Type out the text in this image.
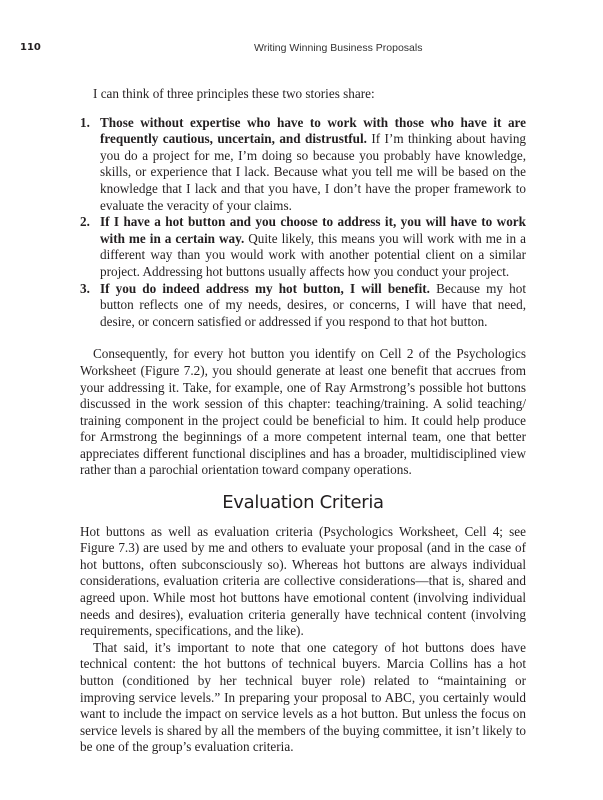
110	Writing Winning Business Proposals

I can think of three principles these two stories share:

1. Those without expertise who have to work with those who have it are frequently cautious, uncertain, and distrustful. If I’m thinking about having you do a project for me, I’m doing so because you probably have knowledge, skills, or experience that I lack. Because what you tell me will be based on the knowledge that I lack and that you have, I don’t have the proper framework to evaluate the veracity of your claims.
2. If I have a hot button and you choose to address it, you will have to work with me in a certain way. Quite likely, this means you will work with me in a different way than you would work with another potential client on a similar project. Addressing hot buttons usually affects how you conduct your project.
3. If you do indeed address my hot button, I will benefit. Because my hot button reflects one of my needs, desires, or concerns, I will have that need, desire, or concern satisfied or addressed if you respond to that hot button.

Consequently, for every hot button you identify on Cell 2 of the Psychologics Worksheet (Figure 7.2), you should generate at least one benefit that accrues from your addressing it. Take, for example, one of Ray Armstrong’s possible hot buttons discussed in the work session of this chapter: teaching/training. A solid teaching/ training component in the project could be beneficial to him. It could help produce for Armstrong the beginnings of a more competent internal team, one that better appreciates different functional disciplines and has a broader, multidisciplined view rather than a parochial orientation toward company operations.

Evaluation Criteria

Hot buttons as well as evaluation criteria (Psychologics Worksheet, Cell 4; see Figure 7.3) are used by me and others to evaluate your proposal (and in the case of hot buttons, often subconsciously so). Whereas hot buttons are always individual considerations, evaluation criteria are collective considerations—that is, shared and agreed upon. While most hot buttons have emotional content (involving individual needs and desires), evaluation criteria generally have technical content (involving requirements, specifications, and the like).

That said, it’s important to note that one category of hot buttons does have technical content: the hot buttons of technical buyers. Marcia Collins has a hot button (conditioned by her technical buyer role) related to “maintaining or improving service levels.” In preparing your proposal to ABC, you certainly would want to include the impact on service levels as a hot button. But unless the focus on service levels is shared by all the members of the buying committee, it isn’t likely to be one of the group’s evaluation criteria.
